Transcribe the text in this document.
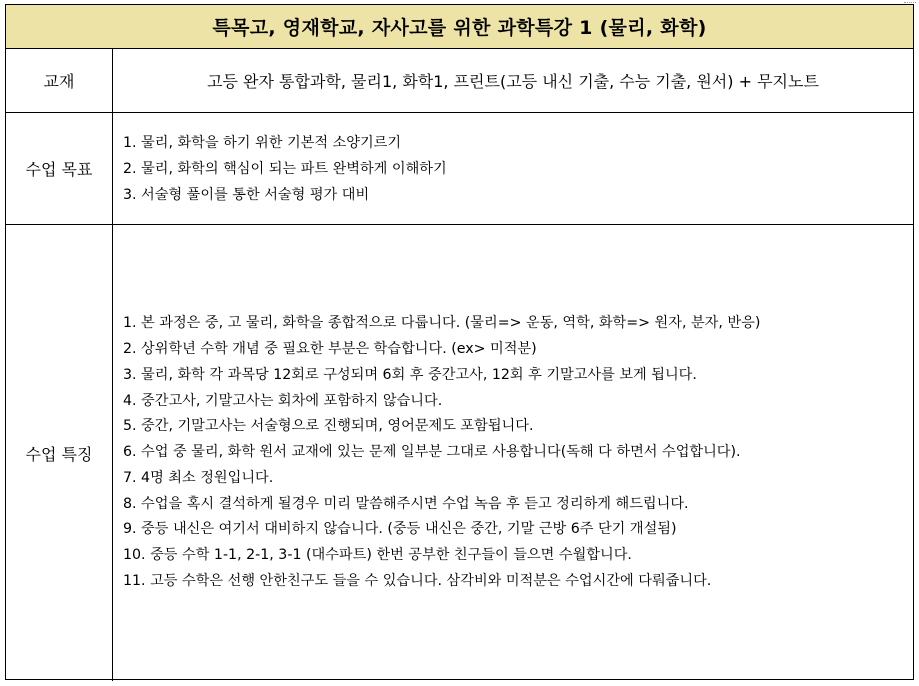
특목고, 영재학교, 자사고를 위한 과학특강 1 (물리, 화학)
교재	고등 완자 통합과학, 물리1, 화학1, 프린트(고등 내신 기출, 수능 기출, 원서) + 무지노트
수업 목표
1. 물리, 화학을 하기 위한 기본적 소양기르기
2. 물리, 화학의 핵심이 되는 파트 완벽하게 이해하기
3. 서술형 풀이를 통한 서술형 평가 대비
수업 특징
1. 본 과정은 중, 고 물리, 화학을 종합적으로 다룹니다. (물리=> 운동, 역학, 화학=> 원자, 분자, 반응)
2. 상위학년 수학 개념 중 필요한 부분은 학습합니다. (ex> 미적분)
3. 물리, 화학 각 과목당 12회로 구성되며 6회 후 중간고사, 12회 후 기말고사를 보게 됩니다.
4. 중간고사, 기말고사는 회차에 포함하지 않습니다.
5. 중간, 기말고사는 서술형으로 진행되며, 영어문제도 포함됩니다.
6. 수업 중 물리, 화학 원서 교재에 있는 문제 일부분 그대로 사용합니다(독해 다 하면서 수업합니다).
7. 4명 최소 정원입니다.
8. 수업을 혹시 결석하게 될경우 미리 말씀해주시면 수업 녹음 후 듣고 정리하게 해드립니다.
9. 중등 내신은 여기서 대비하지 않습니다. (중등 내신은 중간, 기말 근방 6주 단기 개설됨)
10. 중등 수학 1-1, 2-1, 3-1 (대수파트) 한번 공부한 친구들이 들으면 수월합니다.
11. 고등 수학은 선행 안한친구도 들을 수 있습니다. 삼각비와 미적분은 수업시간에 다뤄줍니다.
